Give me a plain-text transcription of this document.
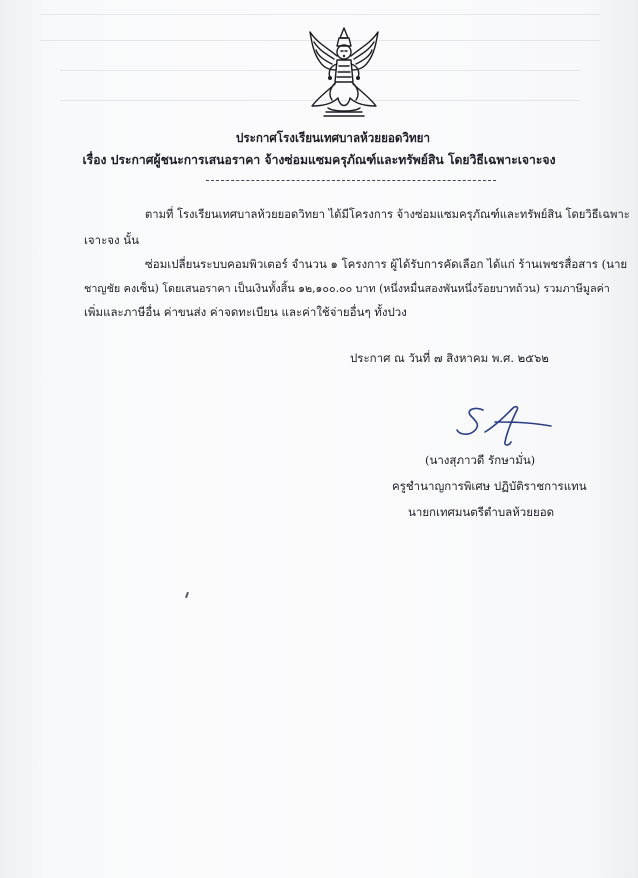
ประกาศโรงเรียนเทศบาลห้วยยอดวิทยา
เรื่อง ประกาศผู้ชนะการเสนอราคา จ้างซ่อมแซมครุภัณฑ์และทรัพย์สิน โดยวิธีเฉพาะเจาะจง
ตามที่ โรงเรียนเทศบาลห้วยยอดวิทยา ได้มีโครงการ จ้างซ่อมแซมครุภัณฑ์และทรัพย์สิน โดยวิธีเฉพาะ
เจาะจง นั้น
ซ่อมเปลี่ยนระบบคอมพิวเตอร์ จำนวน ๑ โครงการ ผู้ได้รับการคัดเลือก ได้แก่ ร้านเพชรสื่อสาร (นาย
ชาญชัย คงเซ็น) โดยเสนอราคา เป็นเงินทั้งสิ้น ๑๒,๑๐๐.๐๐ บาท (หนึ่งหมื่นสองพันหนึ่งร้อยบาทถ้วน) รวมภาษีมูลค่า
เพิ่มและภาษีอื่น ค่าขนส่ง ค่าจดทะเบียน และค่าใช้จ่ายอื่นๆ ทั้งปวง
ประกาศ ณ วันที่ ๗ สิงหาคม พ.ศ. ๒๕๖๒
(นางสุภาวดี รักษามั่น)
ครูชำนาญการพิเศษ ปฏิบัติราชการแทน
นายกเทศมนตรีตำบลห้วยยอด
